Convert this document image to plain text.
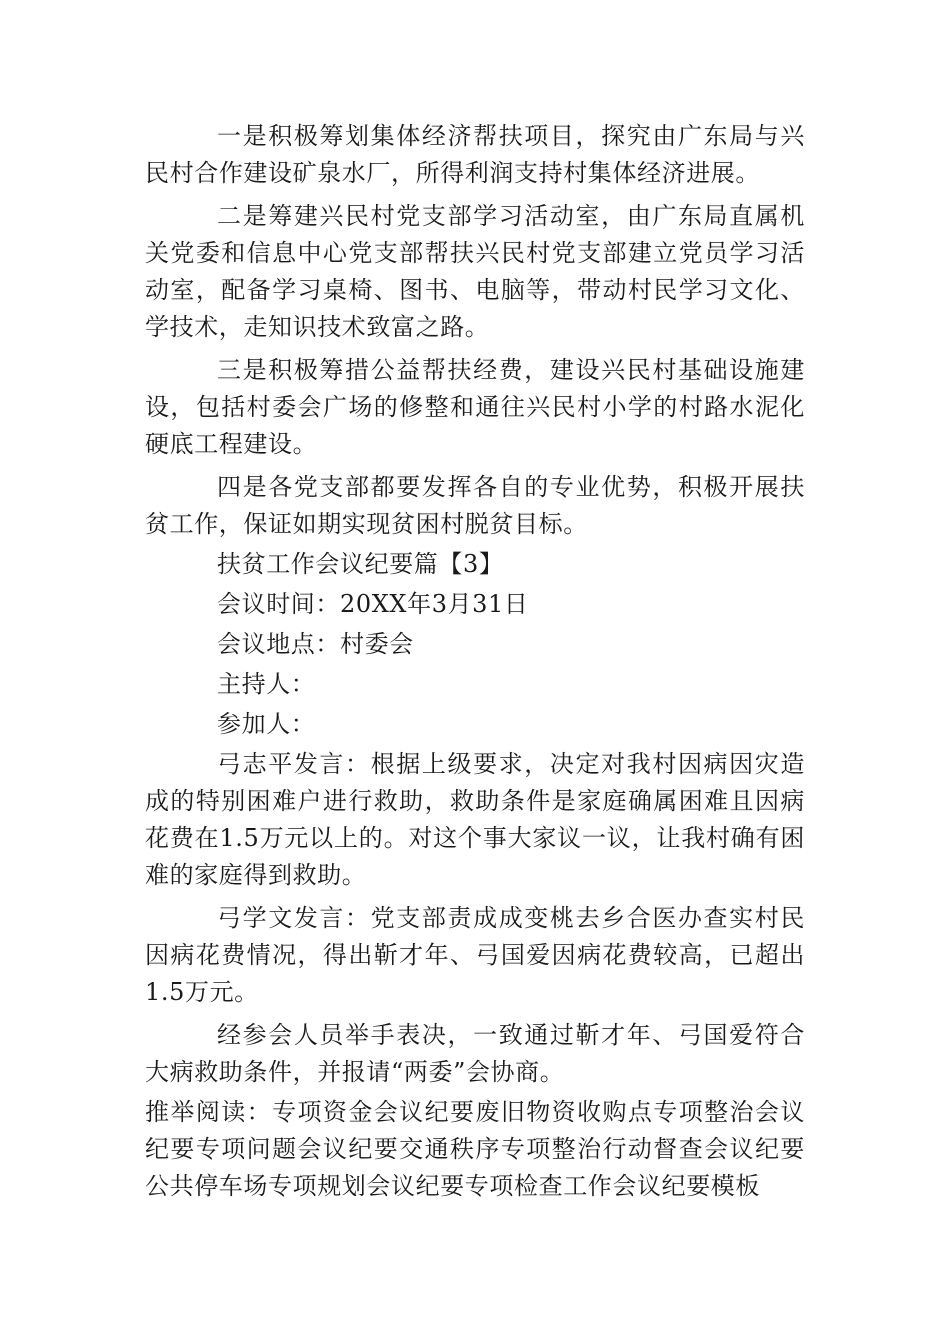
一是积极筹划集体经济帮扶项目，探究由广东局与兴民村合作建设矿泉水厂，所得利润支持村集体经济进展。

二是筹建兴民村党支部学习活动室，由广东局直属机关党委和信息中心党支部帮扶兴民村党支部建立党员学习活动室，配备学习桌椅、图书、电脑等，带动村民学习文化、学技术，走知识技术致富之路。

三是积极筹措公益帮扶经费，建设兴民村基础设施建设，包括村委会广场的修整和通往兴民村小学的村路水泥化硬底工程建设。

四是各党支部都要发挥各自的专业优势，积极开展扶贫工作，保证如期实现贫困村脱贫目标。

扶贫工作会议纪要篇【3】

会议时间：20XX年3月31日

会议地点：村委会

主持人：

参加人：

弓志平发言：根据上级要求，决定对我村因病因灾造成的特别困难户进行救助，救助条件是家庭确属困难且因病花费在1.5万元以上的。对这个事大家议一议，让我村确有困难的家庭得到救助。

弓学文发言：党支部责成成变桃去乡合医办查实村民因病花费情况，得出靳才年、弓国爱因病花费较高，已超出1.5万元。

经参会人员举手表决，一致通过靳才年、弓国爱符合大病救助条件，并报请“两委”会协商。

推举阅读：专项资金会议纪要废旧物资收购点专项整治会议纪要专项问题会议纪要交通秩序专项整治行动督查会议纪要公共停车场专项规划会议纪要专项检查工作会议纪要模板
